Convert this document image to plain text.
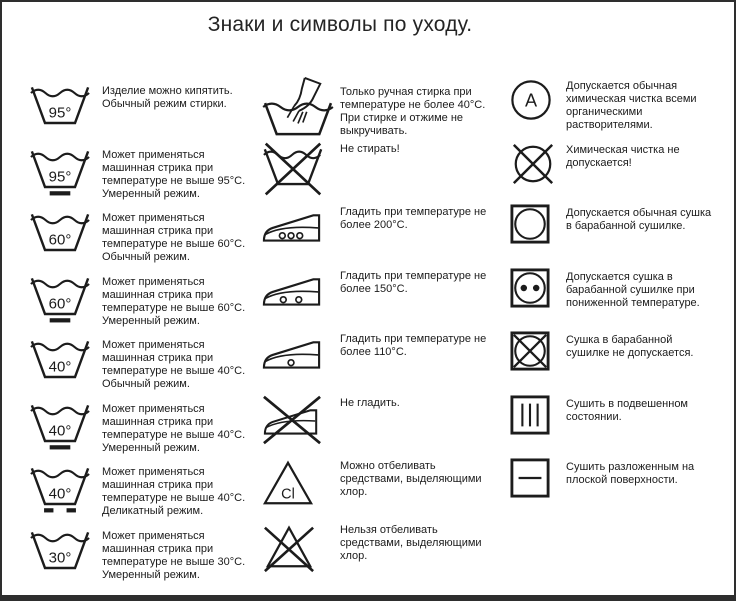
Знаки и символы по уходу.
95°

Изделие можно кипятить. Обычный режим стирки.

95°

Может применяться машинная стрика при температуре не выше 95°C. Умеренный режим.

60°

Может применяться машинная стрика при температуре не выше 60°C. Обычный режим.

60°

Может применяться машинная стрика при температуре не выше 60°C. Умеренный режим.

40°

Может применяться машинная стрика при температуре не выше 40°C. Обычный режим.

40°

Может применяться машинная стрика при температуре не выше 40°C. Умеренный режим.

40°

Может применяться машинная стрика при температуре не выше 40°C. Деликатный режим.

30°

Может применяться машинная стрика при температуре не выше 30°C. Умеренный режим.

Только ручная стирка при температуре не более 40°C. При стирке и отжиме не выкручивать.

Не стирать!

Гладить при температуре не более 200°C.

Гладить при температуре не более 150°C.

Гладить при температуре не более 110°C.

Не гладить.

Cl

Можно отбеливать средствами, выделяющими хлор.

Нельзя отбеливать средствами, выделяющими хлор.

A

Допускается обычная химическая чистка всеми органическими растворителями.

Химическая чистка не допускается!

Допускается обычная сушка в барабанной сушилке.

Допускается сушка в барабанной сушилке при пониженной температуре.

Сушка в барабанной сушилке не допускается.

Сушить в подвешенном состоянии.

Сушить разложенным на плоской поверхности.
